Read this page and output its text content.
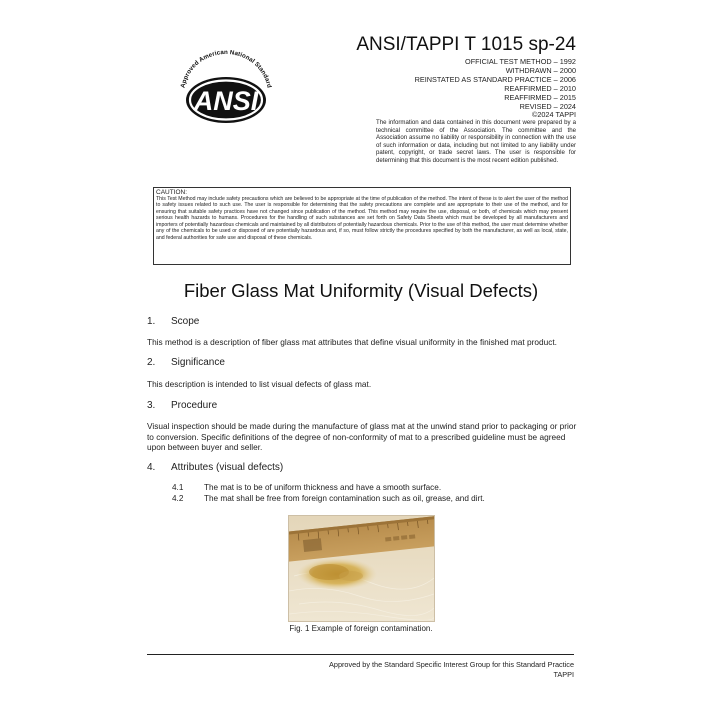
Approved American National Standard
ANSI
ANSI/TAPPI T 1015 sp-24
OFFICIAL TEST METHOD – 1992
WITHDRAWN – 2000
REINSTATED AS STANDARD PRACTICE – 2006
REAFFIRMED – 2010
REAFFIRMED – 2015
REVISED – 2024
©2024 TAPPI
The information and data contained in this document were prepared by a technical committee of the Association. The committee and the Association assume no liability or responsibility in connection with the use of such information or data, including but not limited to any liability under patent, copyright, or trade secret laws. The user is responsible for determining that this document is the most recent edition published.
CAUTION:
This Test Method may include safety precautions which are believed to be appropriate at the time of publication of the method. The intent of these is to alert the user of the method to safety issues related to such use. The user is responsible for determining that the safety precautions are complete and are appropriate to their use of the method, and for ensuring that suitable safety practices have not changed since publication of the method. This method may require the use, disposal, or both, of chemicals which may present serious health hazards to humans. Procedures for the handling of such substances are set forth on Safety Data Sheets which must be developed by all manufacturers and importers of potentially hazardous chemicals and maintained by all distributors of potentially hazardous chemicals. Prior to the use of this method, the user must determine whether any of the chemicals to be used or disposed of are potentially hazardous and, if so, must follow strictly the procedures specified by both the manufacturer, as well as local, state, and federal authorities for safe use and disposal of these chemicals.
Fiber Glass Mat Uniformity (Visual Defects)
1. Scope
This method is a description of fiber glass mat attributes that define visual uniformity in the finished mat product.
2. Significance
This description is intended to list visual defects of glass mat.
3. Procedure
Visual inspection should be made during the manufacture of glass mat at the unwind stand prior to packaging or prior to conversion. Specific definitions of the degree of non-conformity of mat to a prescribed guideline must be agreed upon between buyer and seller.
4. Attributes (visual defects)
4.1	The mat is to be of uniform thickness and have a smooth surface.
4.2	The mat shall be free from foreign contamination such as oil, grease, and dirt.
Fig. 1 Example of foreign contamination.
Approved by the Standard Specific Interest Group for this Standard Practice
TAPPI
